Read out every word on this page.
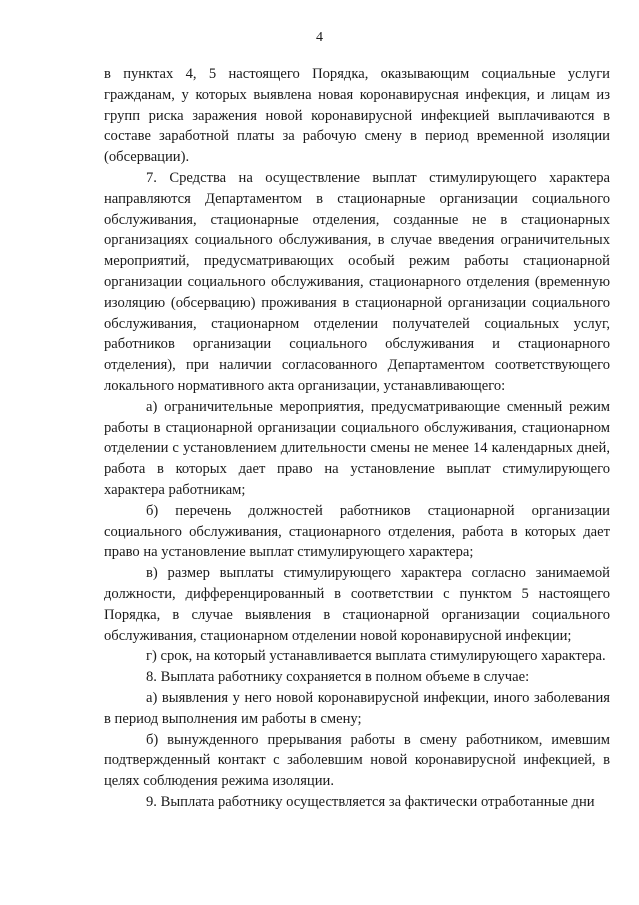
4

в пунктах 4, 5 настоящего Порядка, оказывающим социальные услуги гражданам, у которых выявлена новая коронавирусная инфекция, и лицам из групп риска заражения новой коронавирусной инфекцией выплачиваются в составе заработной платы за рабочую смену в период временной изоляции (обсервации).

7. Средства на осуществление выплат стимулирующего характера направляются Департаментом в стационарные организации социального обслуживания, стационарные отделения, созданные не в стационарных организациях социального обслуживания, в случае введения ограничительных мероприятий, предусматривающих особый режим работы стационарной организации социального обслуживания, стационарного отделения (временную изоляцию (обсервацию) проживания в стационарной организации социального обслуживания, стационарном отделении получателей социальных услуг, работников организации социального обслуживания и стационарного отделения), при наличии согласованного Департаментом соответствующего локального нормативного акта организации, устанавливающего:

а) ограничительные мероприятия, предусматривающие сменный режим работы в стационарной организации социального обслуживания, стационарном отделении с установлением длительности смены не менее 14 календарных дней, работа в которых дает право на установление выплат стимулирующего характера работникам;

б) перечень должностей работников стационарной организации социального обслуживания, стационарного отделения, работа в которых дает право на установление выплат стимулирующего характера;

в) размер выплаты стимулирующего характера согласно занимаемой должности, дифференцированный в соответствии с пунктом 5 настоящего Порядка, в случае выявления в стационарной организации социального обслуживания, стационарном отделении новой коронавирусной инфекции;

г) срок, на который устанавливается выплата стимулирующего характера.

8. Выплата работнику сохраняется в полном объеме в случае:

а) выявления у него новой коронавирусной инфекции, иного заболевания в период выполнения им работы в смену;

б) вынужденного прерывания работы в смену работником, имевшим подтвержденный контакт с заболевшим новой коронавирусной инфекцией, в целях соблюдения режима изоляции.

9. Выплата работнику осуществляется за фактически отработанные дни
